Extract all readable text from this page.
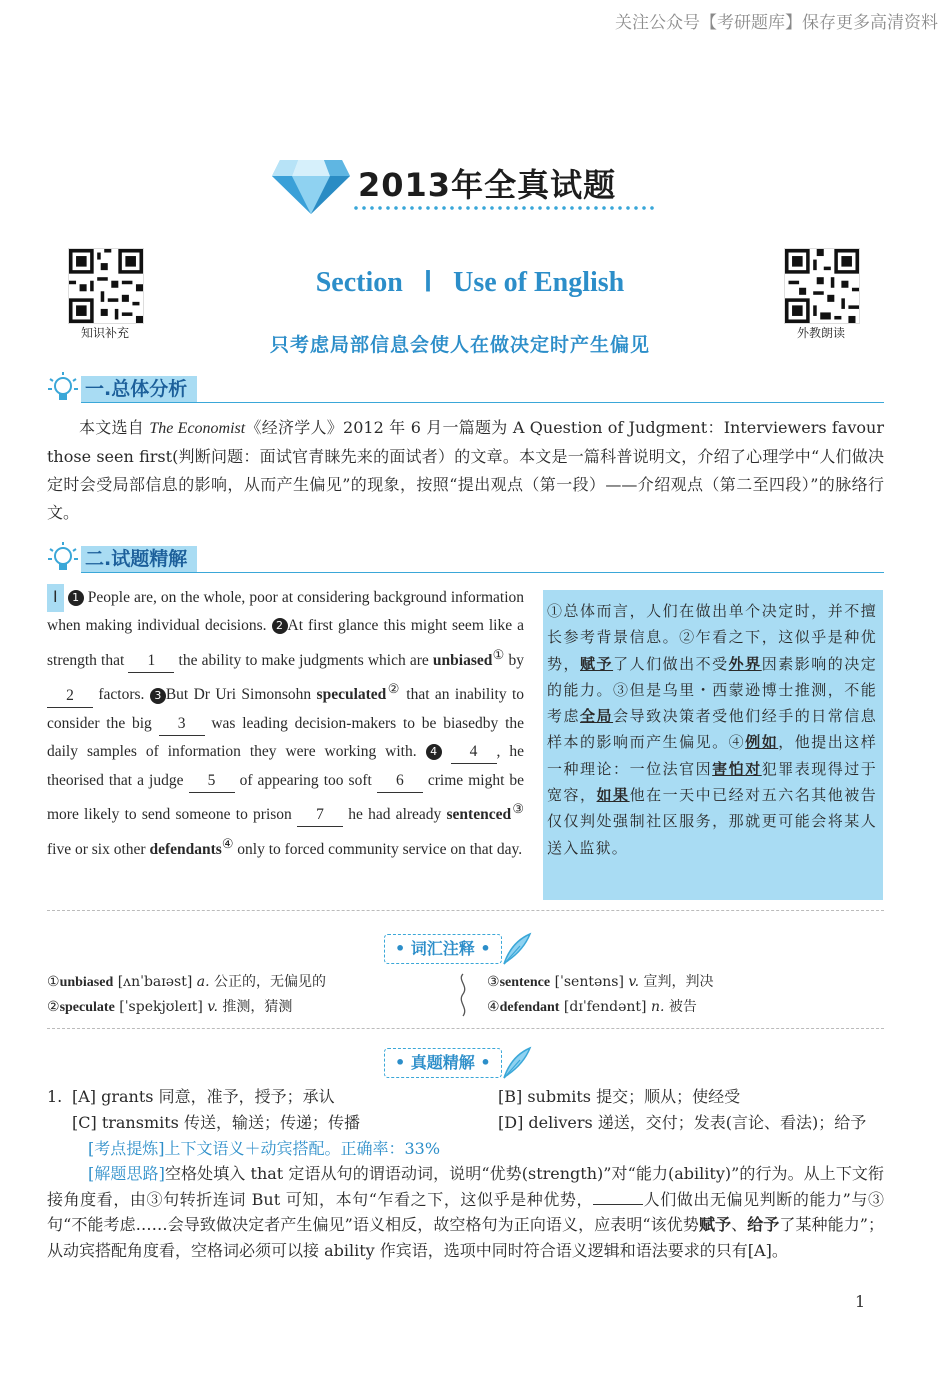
关注公众号【考研题库】保存更多高清资料
2013年全真试题
知识补充	外教朗读
Section Ⅰ Use of English
只考虑局部信息会使人在做决定时产生偏见
一.总体分析
本文选自 The Economist《经济学人》2012 年 6 月一篇题为 A Question of Judgment：Interviewers favour those seen first(判断问题：面试官青睐先来的面试者）的文章。本文是一篇科普说明文，介绍了心理学中“人们做决定时会受局部信息的影响，从而产生偏见”的现象，按照“提出观点（第一段）——介绍观点（第二至四段）”的脉络行文。
二.试题精解
Ⅰ 1 People are, on the whole, poor at considering background information when making individual decisions. 2 At first glance this might seem like a strength that 1 the ability to make judgments which are unbiased① by 2 factors. 3 But Dr Uri Simonsohn speculated② that an inability to consider the big 3 was leading decision-makers to be biasedby the daily samples of information they were working with. 4 4 , he theorised that a judge 5 of appearing too soft 6 crime might be more likely to send someone to prison 7 he had already sentenced③ five or six other defendants④ only to forced community service on that day.
①总体而言，人们在做出单个决定时，并不擅长参考背景信息。②乍看之下，这似乎是种优势，赋予了人们做出不受外界因素影响的决定的能力。③但是乌里・西蒙逊博士推测，不能考虑全局会导致决策者受他们经手的日常信息样本的影响而产生偏见。④例如，他提出这样一种理论：一位法官因害怕对犯罪表现得过于宽容，如果他在一天中已经对五六名其他被告仅仅判处强制社区服务，那就更可能会将某人送入监狱。
• 词汇注释 •
①unbiased [ʌnˈbaɪəst] a. 公正的，无偏见的
②speculate [ˈspekjʊleɪt] v. 推测，猜测
③sentence [ˈsentəns] v. 宣判，判决
④defendant [dɪˈfendənt] n. 被告
• 真题精解 •
1. [A] grants 同意，准予，授予；承认	[B] submits 提交；顺从；使经受
[C] transmits 传送，输送；传递；传播	[D] delivers 递送，交付；发表(言论、看法)；给予
[考点提炼]上下文语义＋动宾搭配。正确率：33%
[解题思路]空格处填入 that 定语从句的谓语动词，说明“优势(strength)”对“能力(ability)”的行为。从上下文衔接角度看，由③句转折连词 But 可知，本句“乍看之下，这似乎是种优势，	人们做出无偏见判断的能力”与③句“不能考虑……会导致做决定者产生偏见”语义相反，故空格句为正向语义，应表明“该优势赋予、给予了某种能力”；从动宾搭配角度看，空格词必须可以接 ability 作宾语，选项中同时符合语义逻辑和语法要求的只有[A]。
1
